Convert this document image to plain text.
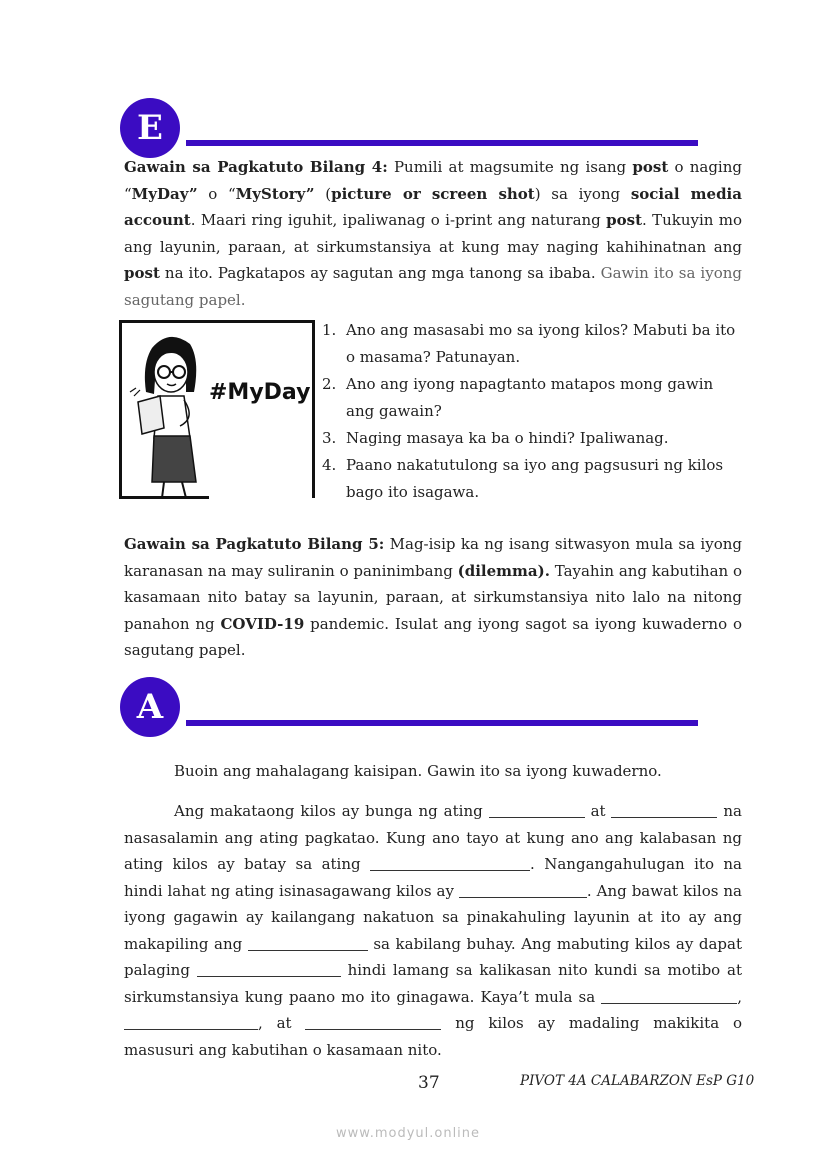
E
Gawain sa Pagkatuto Bilang 4: Pumili at magsumite ng isang post o naging “MyDay” o “MyStory” (picture or screen shot) sa iyong social media account. Maari ring iguhit, ipaliwanag o i-print ang naturang post. Tukuyin mo ang layunin, paraan, at sirkumstansiya at kung may naging kahihinatnan ang post na ito. Pagkatapos ay sagutan ang mga tanong sa ibaba. Gawin ito sa iyong sagutang papel.
#MyDay
1. Ano ang masasabi mo sa iyong kilos? Mabuti ba ito o masama? Patunayan.
2. Ano ang iyong napagtanto matapos mong gawin ang gawain?
3. Naging masaya ka ba o hindi? Ipaliwanag.
4. Paano nakatutulong sa iyo ang pagsusuri ng kilos bago ito isagawa.
Gawain sa Pagkatuto Bilang 5: Mag-isip ka ng isang sitwasyon mula sa iyong karanasan na may suliranin o paninimbang (dilemma). Tayahin ang kabutihan o kasamaan nito batay sa layunin, paraan, at sirkumstansiya nito lalo na nitong panahon ng COVID-19 pandemic. Isulat ang iyong sagot sa iyong kuwaderno o sagutang papel.
A
Buoin ang mahalagang kaisipan. Gawin ito sa iyong kuwaderno.
Ang makataong kilos ay bunga ng ating	at	na nasasalamin ang ating pagkatao. Kung ano tayo at kung ano ang kalabasan ng ating kilos ay batay sa ating	. Nangangahulugan ito na hindi lahat ng ating isinasagawang kilos ay	. Ang bawat kilos na iyong gagawin ay kailangang nakatuon sa pinakahuling layunin at ito ay ang makapiling ang	sa kabilang buhay. Ang mabuting kilos ay dapat palaging	hindi lamang sa kalikasan nito kundi sa motibo at sirkumstansiya kung paano mo ito ginagawa. Kaya’t mula sa	, , at	ng kilos ay madaling makikita o masusuri ang kabutihan o kasamaan nito.
37	PIVOT 4A CALABARZON EsP G10
www.modyul.online
